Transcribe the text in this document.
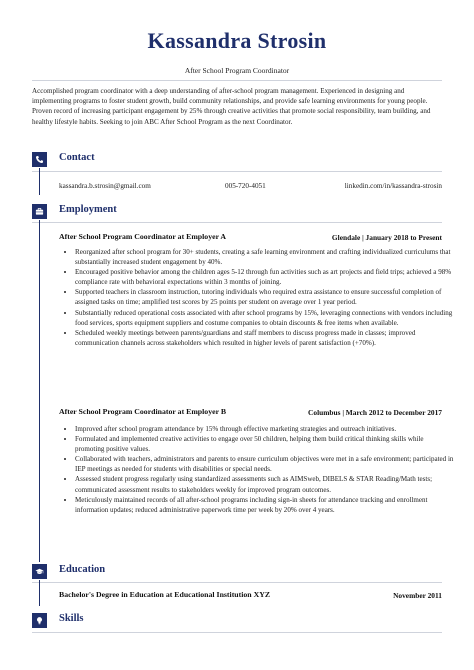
Kassandra Strosin
After School Program Coordinator
Accomplished program coordinator with a deep understanding of after-school program management. Experienced in designing and implementing programs to foster student growth, build community relationships, and provide safe learning environments for young people. Proven record of increasing participant engagement by 25% through creative activities that promote social responsibility, team building, and healthy lifestyle habits. Seeking to join ABC After School Program as the next Coordinator.
Contact
kassandra.b.strosin@gmail.com	005-720-4051	linkedin.com/in/kassandra-strosin
Employment
After School Program Coordinator at Employer A	Glendale | January 2018 to Present
• Reorganized after school program for 30+ students, creating a safe learning environment and crafting individualized curriculums that substantially increased student engagement by 40%.
• Encouraged positive behavior among the children ages 5-12 through fun activities such as art projects and field trips; achieved a 98% compliance rate with behavioral expectations within 3 months of joining.
• Supported teachers in classroom instruction, tutoring individuals who required extra assistance to ensure successful completion of assigned tasks on time; amplified test scores by 25 points per student on average over 1 year period.
• Substantially reduced operational costs associated with after school programs by 15%, leveraging connections with vendors including food services, sports equipment suppliers and costume companies to obtain discounts & free items when available.
• Scheduled weekly meetings between parents/guardians and staff members to discuss progress made in classes; improved communication channels across stakeholders which resulted in higher levels of parent satisfaction (+70%).
After School Program Coordinator at Employer B	Columbus | March 2012 to December 2017
• Improved after school program attendance by 15% through effective marketing strategies and outreach initiatives.
• Formulated and implemented creative activities to engage over 50 children, helping them build critical thinking skills while promoting positive values.
• Collaborated with teachers, administrators and parents to ensure curriculum objectives were met in a safe environment; participated in IEP meetings as needed for students with disabilities or special needs.
• Assessed student progress regularly using standardized assessments such as AIMSweb, DIBELS & STAR Reading/Math tests; communicated assessment results to stakeholders weekly for improved program outcomes.
• Meticulously maintained records of all after-school programs including sign-in sheets for attendance tracking and enrollment information updates; reduced administrative paperwork time per week by 20% over 4 years.
Education
Bachelor's Degree in Education at Educational Institution XYZ	November 2011
Skills
